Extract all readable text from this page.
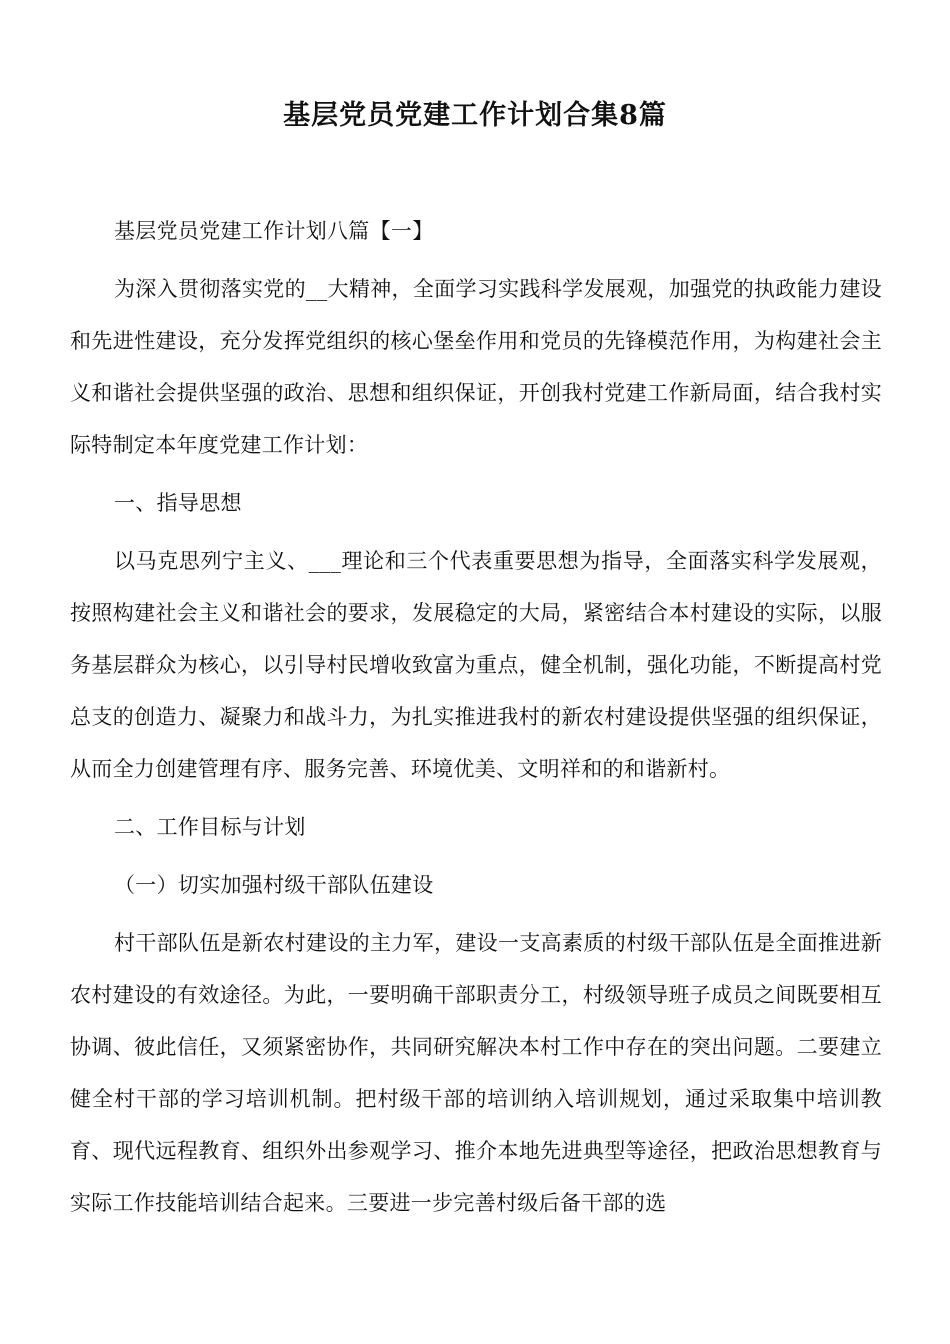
基层党员党建工作计划合集8篇

基层党员党建工作计划八篇【一】

为深入贯彻落实党的__大精神，全面学习实践科学发展观，加强党的执政能力建设和先进性建设，充分发挥党组织的核心堡垒作用和党员的先锋模范作用，为构建社会主义和谐社会提供坚强的政治、思想和组织保证，开创我村党建工作新局面，结合我村实际特制定本年度党建工作计划：

一、指导思想

以马克思列宁主义、___理论和三个代表重要思想为指导，全面落实科学发展观，按照构建社会主义和谐社会的要求，发展稳定的大局，紧密结合本村建设的实际，以服务基层群众为核心，以引导村民增收致富为重点，健全机制，强化功能，不断提高村党总支的创造力、凝聚力和战斗力，为扎实推进我村的新农村建设提供坚强的组织保证，从而全力创建管理有序、服务完善、环境优美、文明祥和的和谐新村。

二、工作目标与计划

（一）切实加强村级干部队伍建设

村干部队伍是新农村建设的主力军，建设一支高素质的村级干部队伍是全面推进新农村建设的有效途径。为此，一要明确干部职责分工，村级领导班子成员之间既要相互协调、彼此信任，又须紧密协作，共同研究解决本村工作中存在的突出问题。二要建立健全村干部的学习培训机制。把村级干部的培训纳入培训规划，通过采取集中培训教育、现代远程教育、组织外出参观学习、推介本地先进典型等途径，把政治思想教育与实际工作技能培训结合起来。三要进一步完善村级后备干部的选
